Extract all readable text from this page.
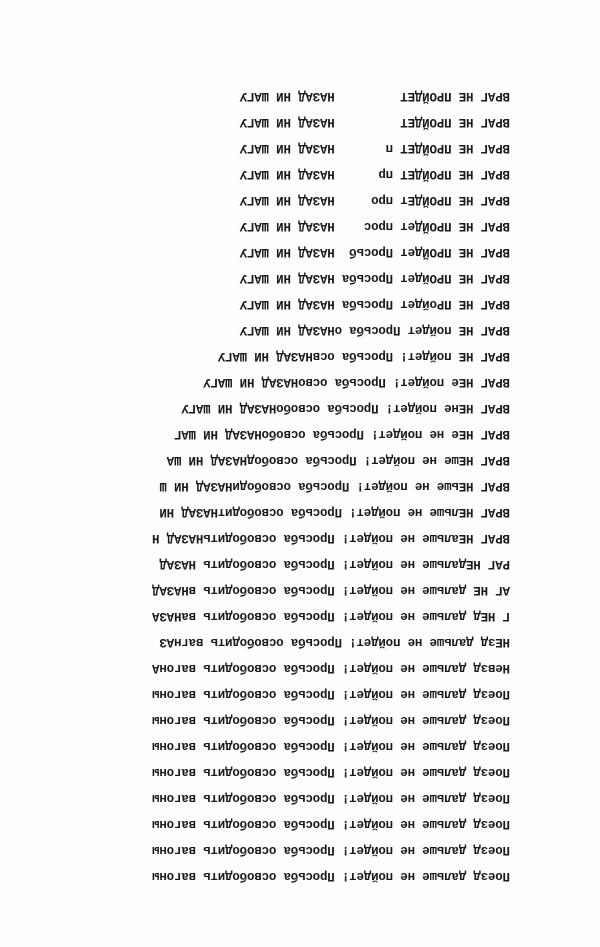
Поезд дальше не пойдет! Просьба освободить вагоны
Поезд дальше не пойдет! Просьба освободить вагоны
Поезд дальше не пойдет! Просьба освободить вагоны
Поезд дальше не пойдет! Просьба освободить вагоны
Поезд дальше не пойдет! Просьба освободить вагоны
Поезд дальше не пойдет! Просьба освободить вагоны
Поезд дальше не пойдет! Просьба освободить вагоны
Поезд дальше не пойдет! Просьба освободить вагоны
Невзд дальше не пойдет! Просьба освободить вагонА
НЕзд дальше не пойдет! Просьба освободить вагнАЗ
Г НЕд дальше не пойдет! Просьба освободить ваНАЗА
АГ НЕ дальше не пойдет! Просьба освободить вНАЗАД
РАГ НЕдальше не пойдет! Просьба освободить НАЗАД
ВРАГ НЕальше не пойдет! Просьба освободитьНАЗАД Н
ВРАГ НЕльше не пойдет! Просьба освободитНАЗАД НИ
ВРАГ НЕьше не пойдет! Просьба освободиНАЗАД НИ Ш
ВРАГ НЕше не пойдет! Просьба освободНАЗАД НИ ША
ВРАГ НЕе не пойдет! Просьба освобоНАЗАД НИ ШАГ
ВРАГ НЕне пойдет! Просьба освобоНАЗАД НИ ШАГУ
ВРАГ НЕе пойдет! Просьба освоНАЗАД НИ ШАГУ
ВРАГ НЕ пойдет! Просьба освНАЗАД НИ ШАГУ
ВРАГ НЕ пойдет Просьба оНАЗАД НИ ШАГУ
ВРАГ НЕ ПРойдет Просьба НАЗАД НИ ШАГУ
ВРАГ НЕ ПРОйдет Просьба НАЗАД НИ ШАГУ
ВРАГ НЕ ПРОЙдет Просьб  НАЗАД НИ ШАГУ
ВРАГ НЕ ПРОЙДет прос    НАЗАД НИ ШАГУ
ВРАГ НЕ ПРОЙДЕт про     НАЗАД НИ ШАГУ
ВРАГ НЕ ПРОЙДЕТ пр      НАЗАД НИ ШАГУ
ВРАГ НЕ ПРОЙДЕТ п       НАЗАД НИ ШАГУ
ВРАГ НЕ ПРОЙДЕТ         НАЗАД НИ ШАГУ
ВРАГ НЕ ПРОЙДЕТ         НАЗАД НИ ШАГУ
